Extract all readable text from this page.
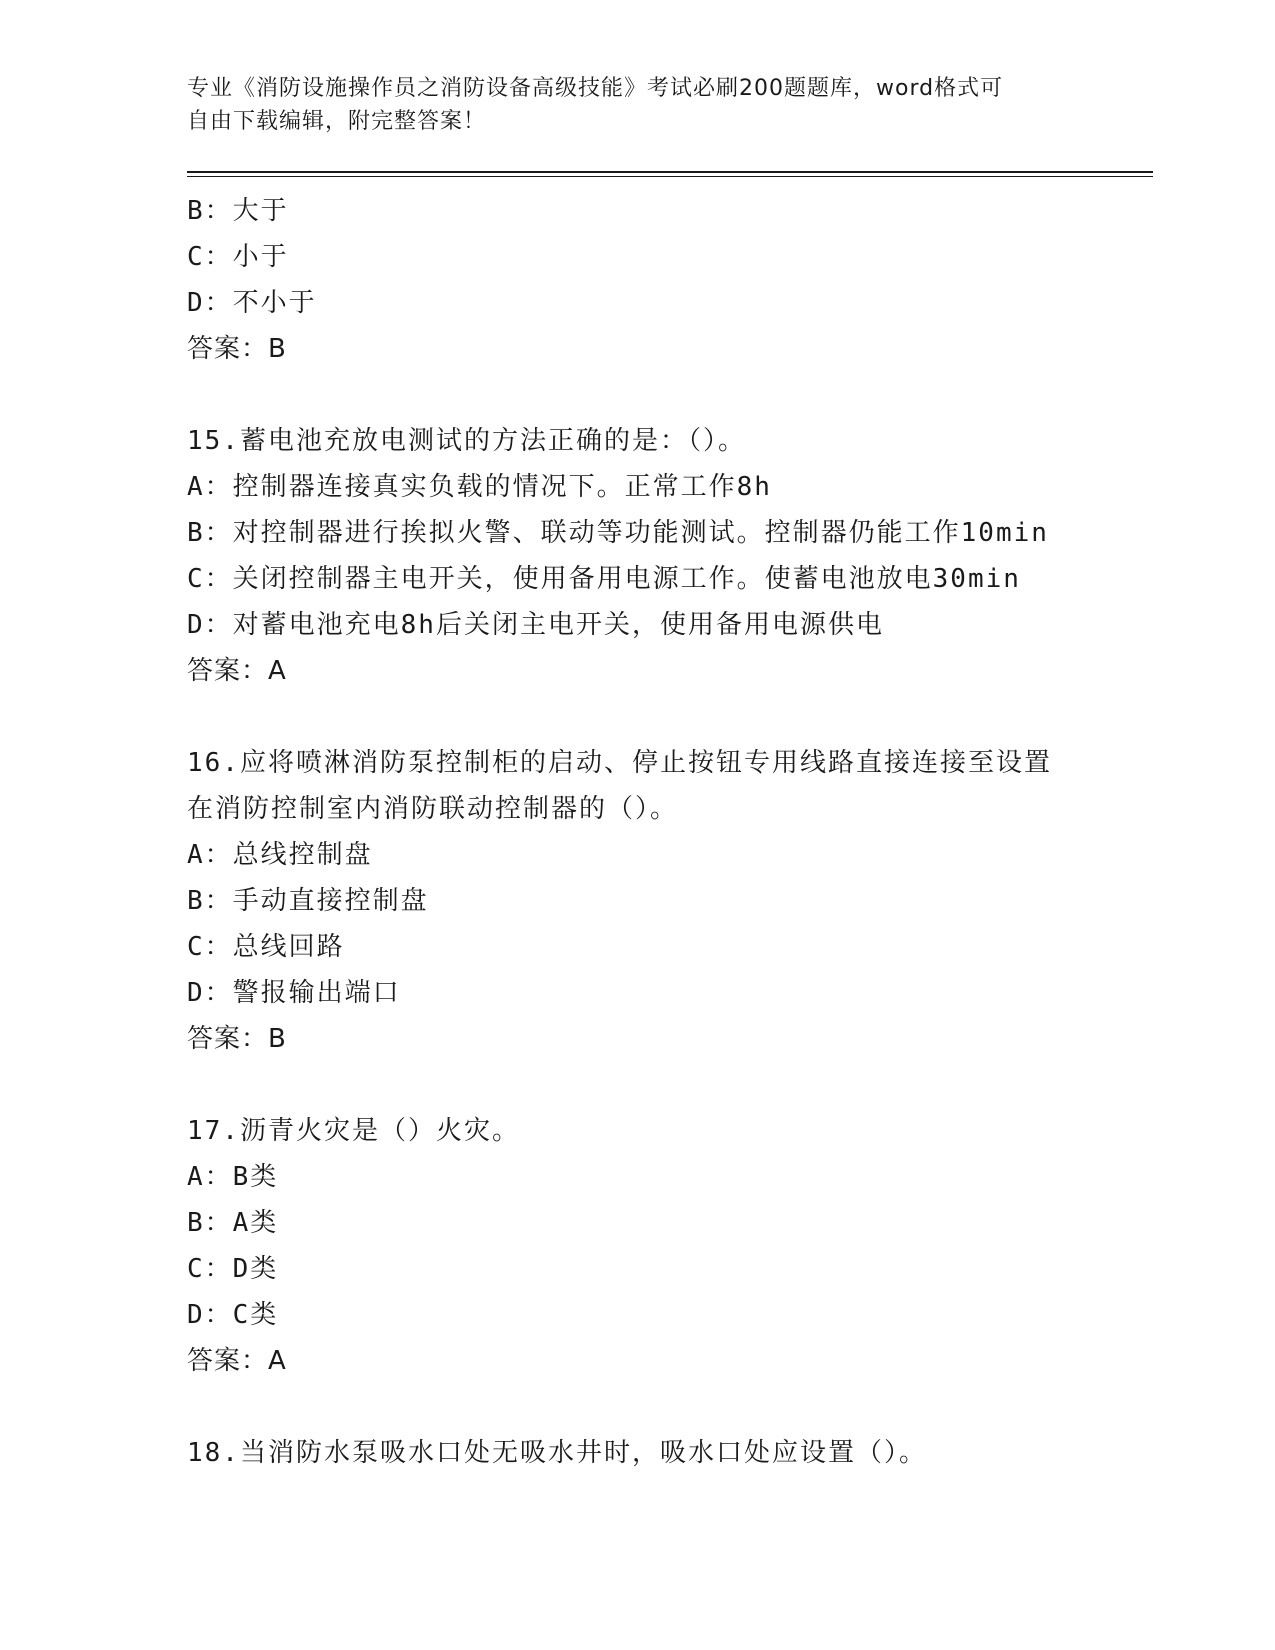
专业《消防设施操作员之消防设备高级技能》考试必刷200题题库，word格式可
自由下载编辑，附完整答案！
B：大于
C：小于
D：不小于
答案：B
15.蓄电池充放电测试的方法正确的是：（）。
A：控制器连接真实负载的情况下。正常工作8h
B：对控制器进行挨拟火警、联动等功能测试。控制器仍能工作10min
C：关闭控制器主电开关，使用备用电源工作。使蓄电池放电30min
D：对蓄电池充电8h后关闭主电开关，使用备用电源供电
答案：A
16.应将喷淋消防泵控制柜的启动、停止按钮专用线路直接连接至设置
在消防控制室内消防联动控制器的（）。
A：总线控制盘
B：手动直接控制盘
C：总线回路
D：警报输出端口
答案：B
17.沥青火灾是（）火灾。
A：B类
B：A类
C：D类
D：C类
答案：A
18.当消防水泵吸水口处无吸水井时，吸水口处应设置（）。
